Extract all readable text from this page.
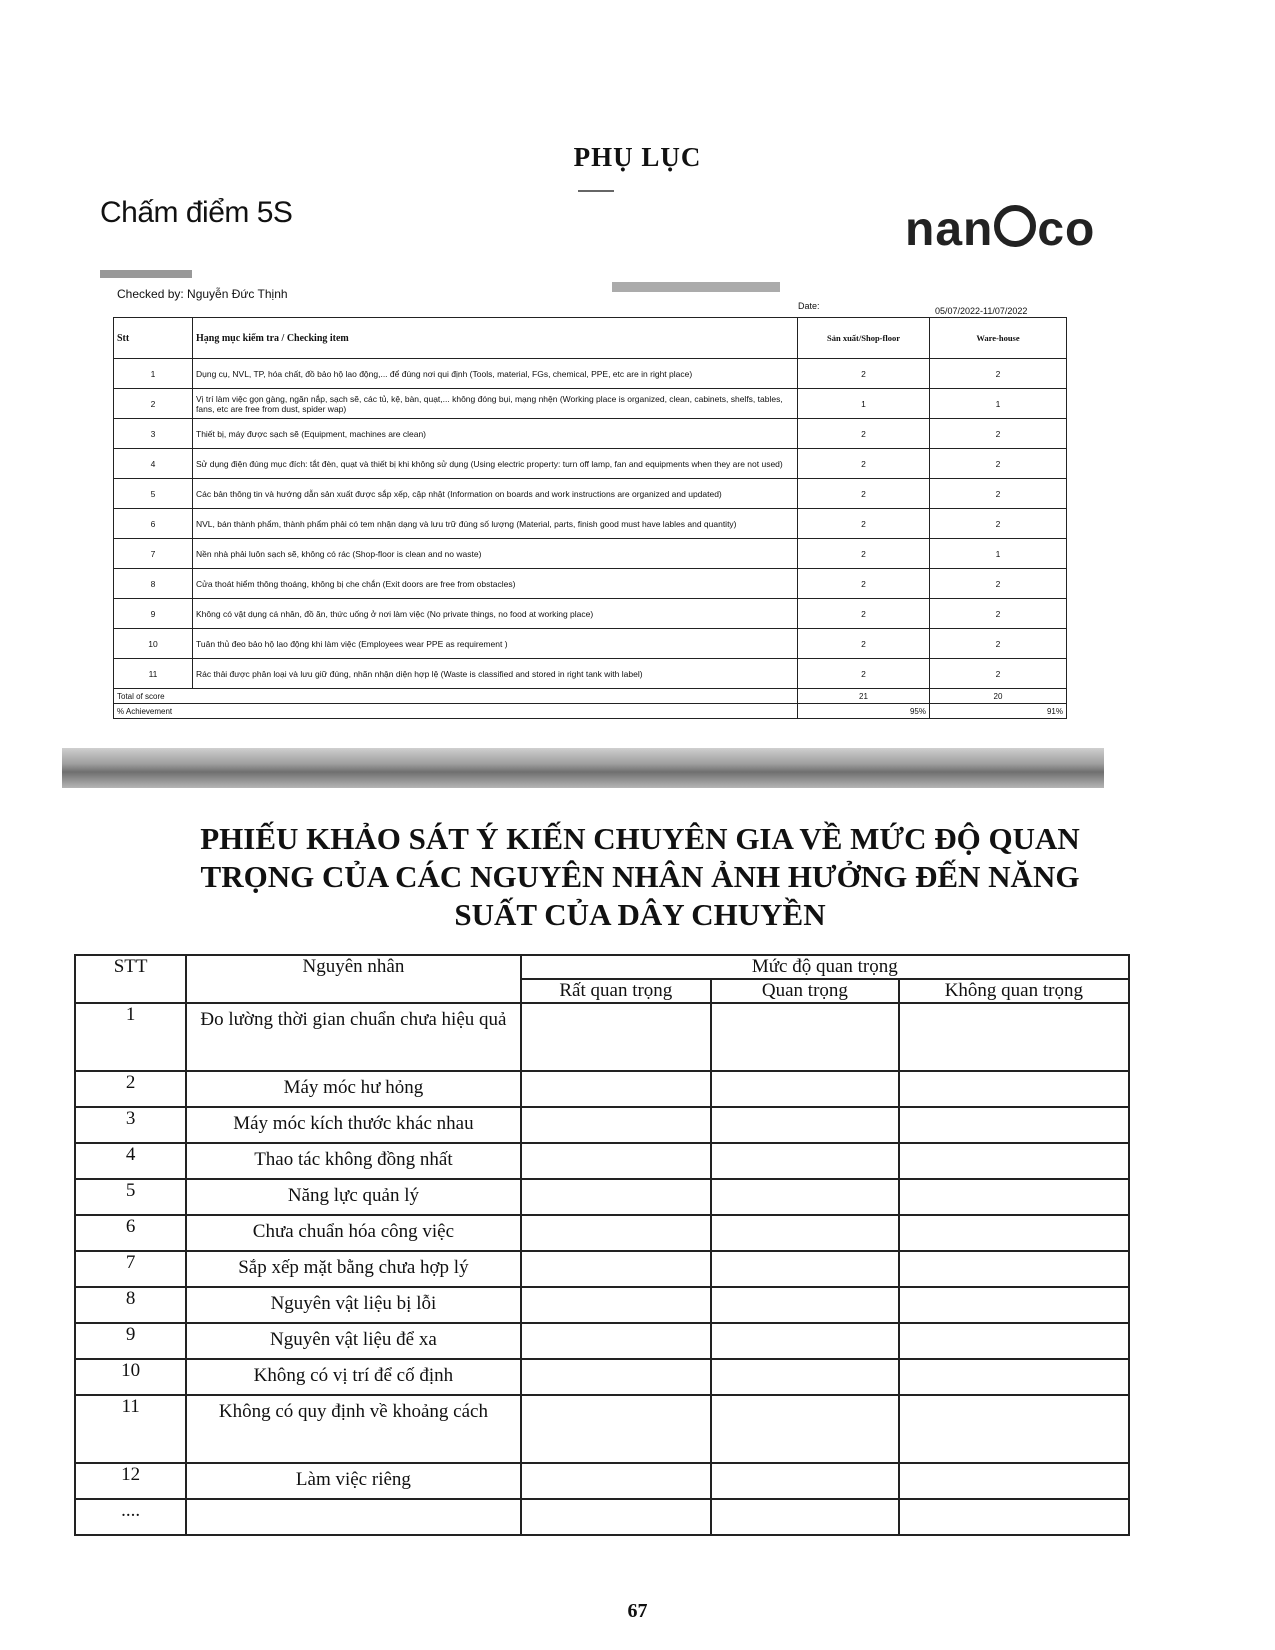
PHỤ LỤC
Chấm điểm 5S	nan co
Checked by: Nguyễn Đức Thịnh
Date:	05/07/2022-11/07/2022
Stt	Hạng mục kiểm tra / Checking item	Sản xuất/Shop-floor	Ware-house
1	Dụng cụ, NVL, TP, hóa chất, đồ bảo hộ lao động,... để đúng nơi qui định (Tools, material, FGs, chemical, PPE, etc are in right place)	2	2
2	Vị trí làm việc gọn gàng, ngăn nắp, sạch sẽ, các tủ, kệ, bàn, quạt,... không đóng bụi, mạng nhện (Working place is organized, clean, cabinets, shelfs, tables, fans, etc are free from dust, spider wap)	1	1
3	Thiết bị, máy được sạch sẽ (Equipment, machines are clean)	2	2
4	Sử dụng điện đúng mục đích: tắt đèn, quạt và thiết bị khi không sử dụng (Using electric property: turn off lamp, fan and equipments when they are not used)	2	2
5	Các bản thông tin và hướng dẫn sản xuất được sắp xếp, cập nhật (Information on boards and work instructions are organized and updated)	2	2
6	NVL, bán thành phẩm, thành phẩm phải có tem nhận dạng và lưu trữ đúng số lượng (Material, parts, finish good must have lables and quantity)	2	2
7	Nền nhà phải luôn sạch sẽ, không có rác (Shop-floor is clean and no waste)	2	1
8	Cửa thoát hiểm thông thoáng, không bị che chắn (Exit doors are free from obstacles)	2	2
9	Không có vật dụng cá nhân, đồ ăn, thức uống ở nơi làm việc (No private things, no food at working place)	2	2
10	Tuân thủ đeo bảo hộ lao động khi làm việc (Employees wear PPE as requirement )	2	2
11	Rác thải được phân loại và lưu giữ đúng, nhãn nhận diện hợp lệ (Waste is classified and stored in right tank with label)	2	2
Total of score		21	20
% Achievement		95%	91%
PHIẾU KHẢO SÁT Ý KIẾN CHUYÊN GIA VỀ MỨC ĐỘ QUAN
TRỌNG CỦA CÁC NGUYÊN NHÂN ẢNH HƯỞNG ĐẾN NĂNG
SUẤT CỦA DÂY CHUYỀN
STT	Nguyên nhân	Mức độ quan trọng		
		Rất quan trọng	Quan trọng	Không quan trọng
1	Đo lường thời gian chuẩn chưa hiệu quả			
2	Máy móc hư hỏng			
3	Máy móc kích thước khác nhau			
4	Thao tác không đồng nhất			
5	Năng lực quản lý			
6	Chưa chuẩn hóa công việc			
7	Sắp xếp mặt bằng chưa hợp lý			
8	Nguyên vật liệu bị lỗi			
9	Nguyên vật liệu để xa			
10	Không có vị trí để cố định			
11	Không có quy định về khoảng cách			
12	Làm việc riêng			
....				
67
